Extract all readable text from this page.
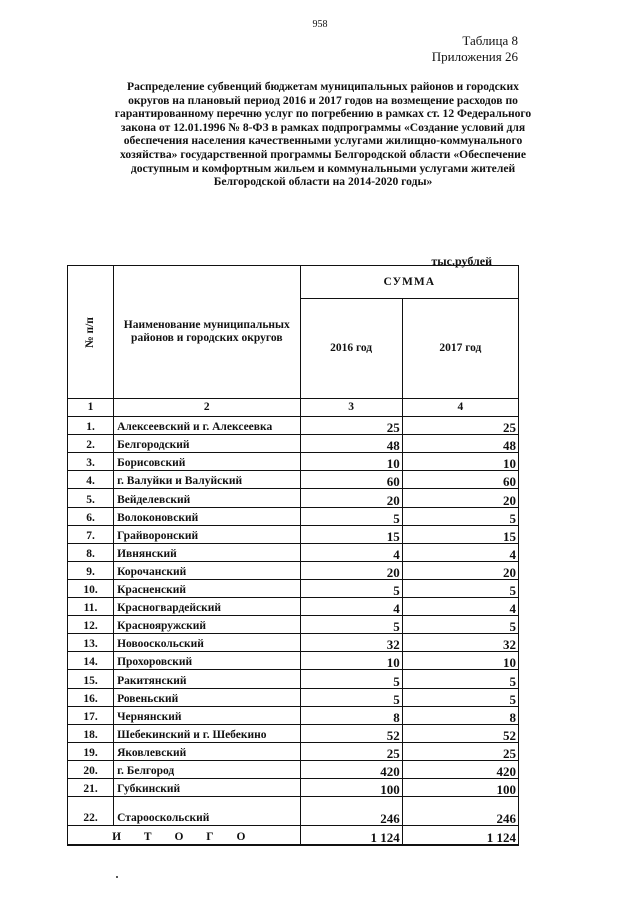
958
Таблица 8
Приложения 26
Распределение субвенций бюджетам муниципальных районов и городских
округов на плановый период 2016 и 2017 годов на возмещение расходов по
гарантированному перечню услуг по погребению в рамках ст. 12 Федерального
закона от 12.01.1996 № 8-ФЗ в рамках подпрограммы «Создание условий для
обеспечения населения качественными услугами жилищно-коммунального
хозяйства» государственной программы Белгородской области «Обеспечение
доступным и комфортным жильем и коммунальными услугами жителей
Белгородской области на 2014-2020 годы»
тыс.рублей
№ п/п	Наименование муниципальных районов и городских округов	СУММА	
		2016 год	2017 год
1	2	3	4
1.	Алексеевский и г. Алексеевка	25	25
2.	Белгородский	48	48
3.	Борисовский	10	10
4.	г. Валуйки и Валуйский	60	60
5.	Вейделевский	20	20
6.	Волоконовский	5	5
7.	Грайворонский	15	15
8.	Ивнянский	4	4
9.	Корочанский	20	20
10.	Красненский	5	5
11.	Красногвардейский	4	4
12.	Краснояружский	5	5
13.	Новооскольский	32	32
14.	Прохоровский	10	10
15.	Ракитянский	5	5
16.	Ровеньский	5	5
17.	Чернянский	8	8
18.	Шебекинский и г. Шебекино	52	52
19.	Яковлевский	25	25
20.	г. Белгород	420	420
21.	Губкинский	100	100
22.	Старооскольский	246	246
И Т О Г О		1 124	1 124
